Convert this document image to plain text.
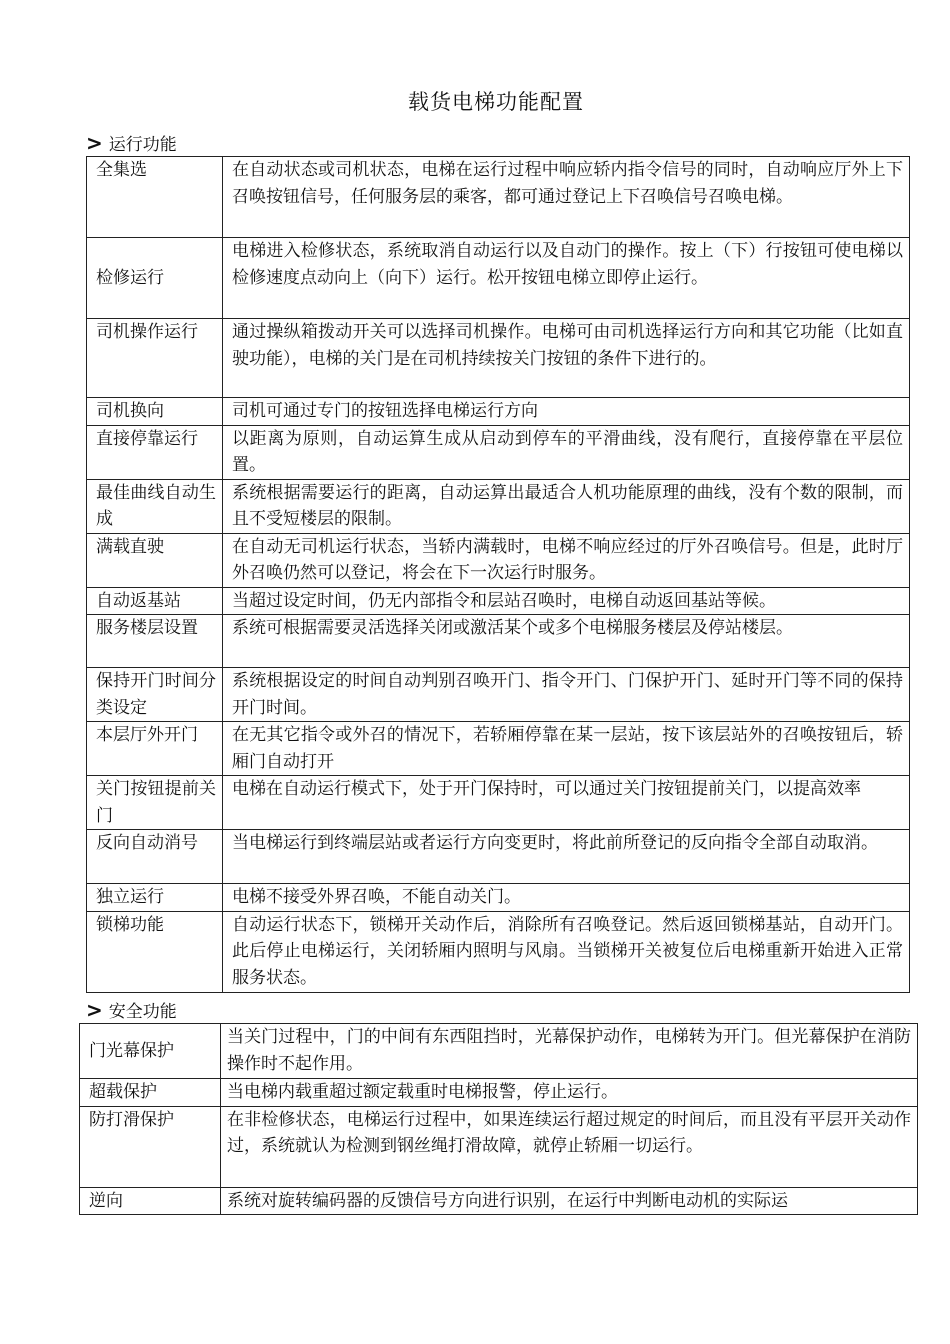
载货电梯功能配置
> 运行功能
全集选	在自动状态或司机状态，电梯在运行过程中响应轿内指令信号的同时，自动响应厅外上下召唤按钮信号，任何服务层的乘客，都可通过登记上下召唤信号召唤电梯。
检修运行	电梯进入检修状态，系统取消自动运行以及自动门的操作。按上（下）行按钮可使电梯以检修速度点动向上（向下）运行。松开按钮电梯立即停止运行。
司机操作运行	通过操纵箱拨动开关可以选择司机操作。电梯可由司机选择运行方向和其它功能（比如直驶功能），电梯的关门是在司机持续按关门按钮的条件下进行的。
司机换向	司机可通过专门的按钮选择电梯运行方向
直接停靠运行	以距离为原则，自动运算生成从启动到停车的平滑曲线，没有爬行，直接停靠在平层位置。
最佳曲线自动生成	系统根据需要运行的距离，自动运算出最适合人机功能原理的曲线，没有个数的限制，而且不受短楼层的限制。
满载直驶	在自动无司机运行状态，当轿内满载时，电梯不响应经过的厅外召唤信号。但是，此时厅外召唤仍然可以登记，将会在下一次运行时服务。
自动返基站	当超过设定时间，仍无内部指令和层站召唤时，电梯自动返回基站等候。
服务楼层设置	系统可根据需要灵活选择关闭或激活某个或多个电梯服务楼层及停站楼层。
保持开门时间分类设定	系统根据设定的时间自动判别召唤开门、指令开门、门保护开门、延时开门等不同的保持开门时间。
本层厅外开门	在无其它指令或外召的情况下，若轿厢停靠在某一层站，按下该层站外的召唤按钮后，轿厢门自动打开
关门按钮提前关门	电梯在自动运行模式下，处于开门保持时，可以通过关门按钮提前关门，以提高效率
反向自动消号	当电梯运行到终端层站或者运行方向变更时，将此前所登记的反向指令全部自动取消。
独立运行	电梯不接受外界召唤，不能自动关门。
锁梯功能	自动运行状态下，锁梯开关动作后，消除所有召唤登记。然后返回锁梯基站，自动开门。此后停止电梯运行，关闭轿厢内照明与风扇。当锁梯开关被复位后电梯重新开始进入正常服务状态。
> 安全功能
门光幕保护	当关门过程中，门的中间有东西阻挡时，光幕保护动作，电梯转为开门。但光幕保护在消防操作时不起作用。
超载保护	当电梯内载重超过额定载重时电梯报警，停止运行。
防打滑保护	在非检修状态，电梯运行过程中，如果连续运行超过规定的时间后，而且没有平层开关动作过，系统就认为检测到钢丝绳打滑故障，就停止轿厢一切运行。
逆向	系统对旋转编码器的反馈信号方向进行识别，在运行中判断电动机的实际运
